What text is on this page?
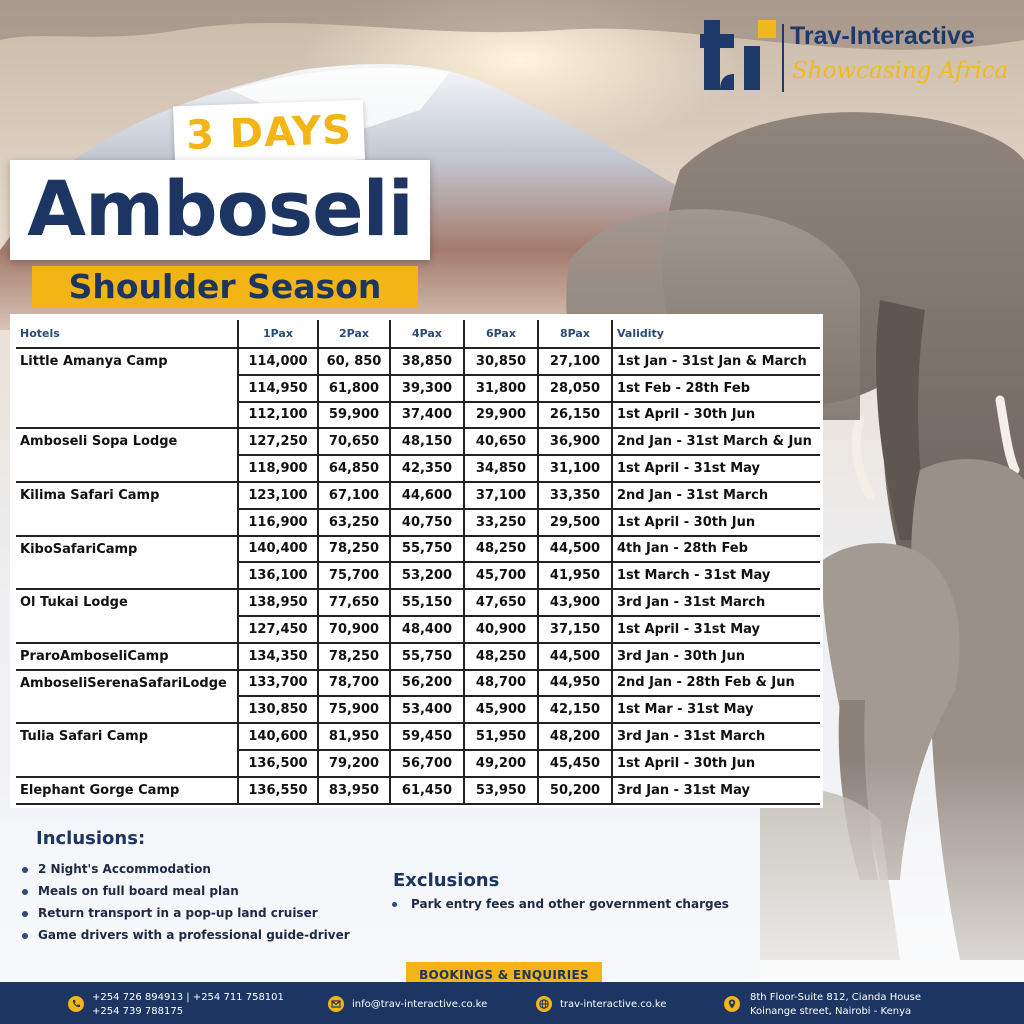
Trav-Interactive
Showcasing Africa
3 DAYS
Amboseli
Shoulder Season
Hotels	1Pax	2Pax	4Pax	6Pax	8Pax	Validity
Little Amanya Camp	114,000	60, 850	38,850	30,850	27,100	1st Jan - 31st Jan & March
	114,950	61,800	39,300	31,800	28,050	1st Feb - 28th Feb
	112,100	59,900	37,400	29,900	26,150	1st April - 30th Jun
Amboseli Sopa Lodge	127,250	70,650	48,150	40,650	36,900	2nd Jan - 31st March & Jun
	118,900	64,850	42,350	34,850	31,100	1st April - 31st May
Kilima Safari Camp	123,100	67,100	44,600	37,100	33,350	2nd Jan - 31st March
	116,900	63,250	40,750	33,250	29,500	1st April - 30th Jun
KiboSafariCamp	140,400	78,250	55,750	48,250	44,500	4th Jan - 28th Feb
	136,100	75,700	53,200	45,700	41,950	1st March - 31st May
Ol Tukai Lodge	138,950	77,650	55,150	47,650	43,900	3rd Jan - 31st March
	127,450	70,900	48,400	40,900	37,150	1st April - 31st May
PraroAmboseliCamp	134,350	78,250	55,750	48,250	44,500	3rd Jan - 30th Jun
AmboseliSerenaSafariLodge	133,700	78,700	56,200	48,700	44,950	2nd Jan - 28th Feb & Jun
	130,850	75,900	53,400	45,900	42,150	1st Mar - 31st May
Tulia Safari Camp	140,600	81,950	59,450	51,950	48,200	3rd Jan - 31st March
	136,500	79,200	56,700	49,200	45,450	1st April - 30th Jun
Elephant Gorge Camp	136,550	83,950	61,450	53,950	50,200	3rd Jan - 31st May
Inclusions:
2 Night's Accommodation
Meals on full board meal plan
Return transport in a pop-up land cruiser
Game drivers with a professional guide-driver
Exclusions
Park entry fees and other government charges
BOOKINGS & ENQUIRIES
+254 726 894913 | +254 711 758101
+254 739 788175
info@trav-interactive.co.ke	trav-interactive.co.ke
8th Floor-Suite 812, Cianda House
Koinange street, Nairobi - Kenya
